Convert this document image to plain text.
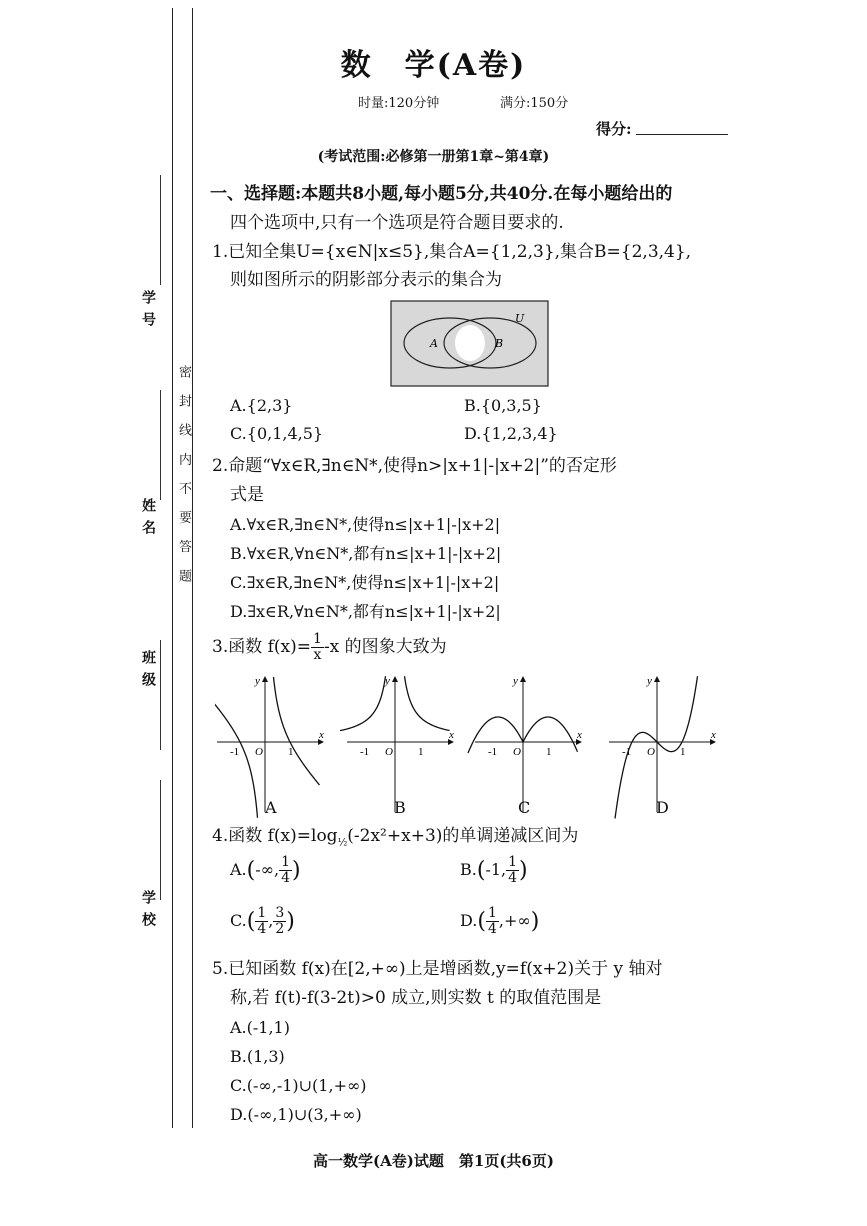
学校
班级
姓名
学号
密 封 线 内 不 要 答 题
数　学(A卷)
时量:120分钟	满分:150分
得分:
(考试范围:必修第一册第1章~第4章)
一、选择题:本题共8小题,每小题5分,共40分.在每小题给出的
四个选项中,只有一个选项是符合题目要求的.
1.已知全集U={x∈N|x≤5},集合A={1,2,3},集合B={2,3,4},
则如图所示的阴影部分表示的集合为
U
A	B
A.{2,3}	B.{0,3,5}
C.{0,1,4,5}	D.{1,2,3,4}
2.命题“∀x∈R,∃n∈N*,使得n>|x+1|-|x+2|”的否定形
式是
A.∀x∈R,∃n∈N*,使得n≤|x+1|-|x+2|
B.∀x∈R,∀n∈N*,都有n≤|x+1|-|x+2|
C.∃x∈R,∃n∈N*,使得n≤|x+1|-|x+2|
D.∃x∈R,∀n∈N*,都有n≤|x+1|-|x+2|
3.函数 $f(x)= \frac{1}{x} -x$ 的图象大致为
x
y
O
-1	1
x
y
O
-1	1
x
y
O
-1	1
x
y
O
-1	1
A	B	C	D
4.函数 $f(x)=\log_{\frac{1}{2}}(-2x^2+x+3)$的单调递减区间为
A.(-∞, $\frac{1}{4}$ )	B.(-1, $\frac{1}{4}$ )
$C.( \frac{1}{4}$ , $\frac{3}{2}$ )	$D.( \frac{1}{4}$ ,+∞)
5.已知函数 f(x)在[2,+∞)上是增函数,y=f(x+2)关于 y 轴对
称,若 f(t)-f(3-2t)>0 成立,则实数 t 的取值范围是
A.(-1,1)
B.(1,3)
C.(-∞,-1)∪(1,+∞)
D.(-∞,1)∪(3,+∞)
高一数学(A卷)试题　第1页(共6页)
